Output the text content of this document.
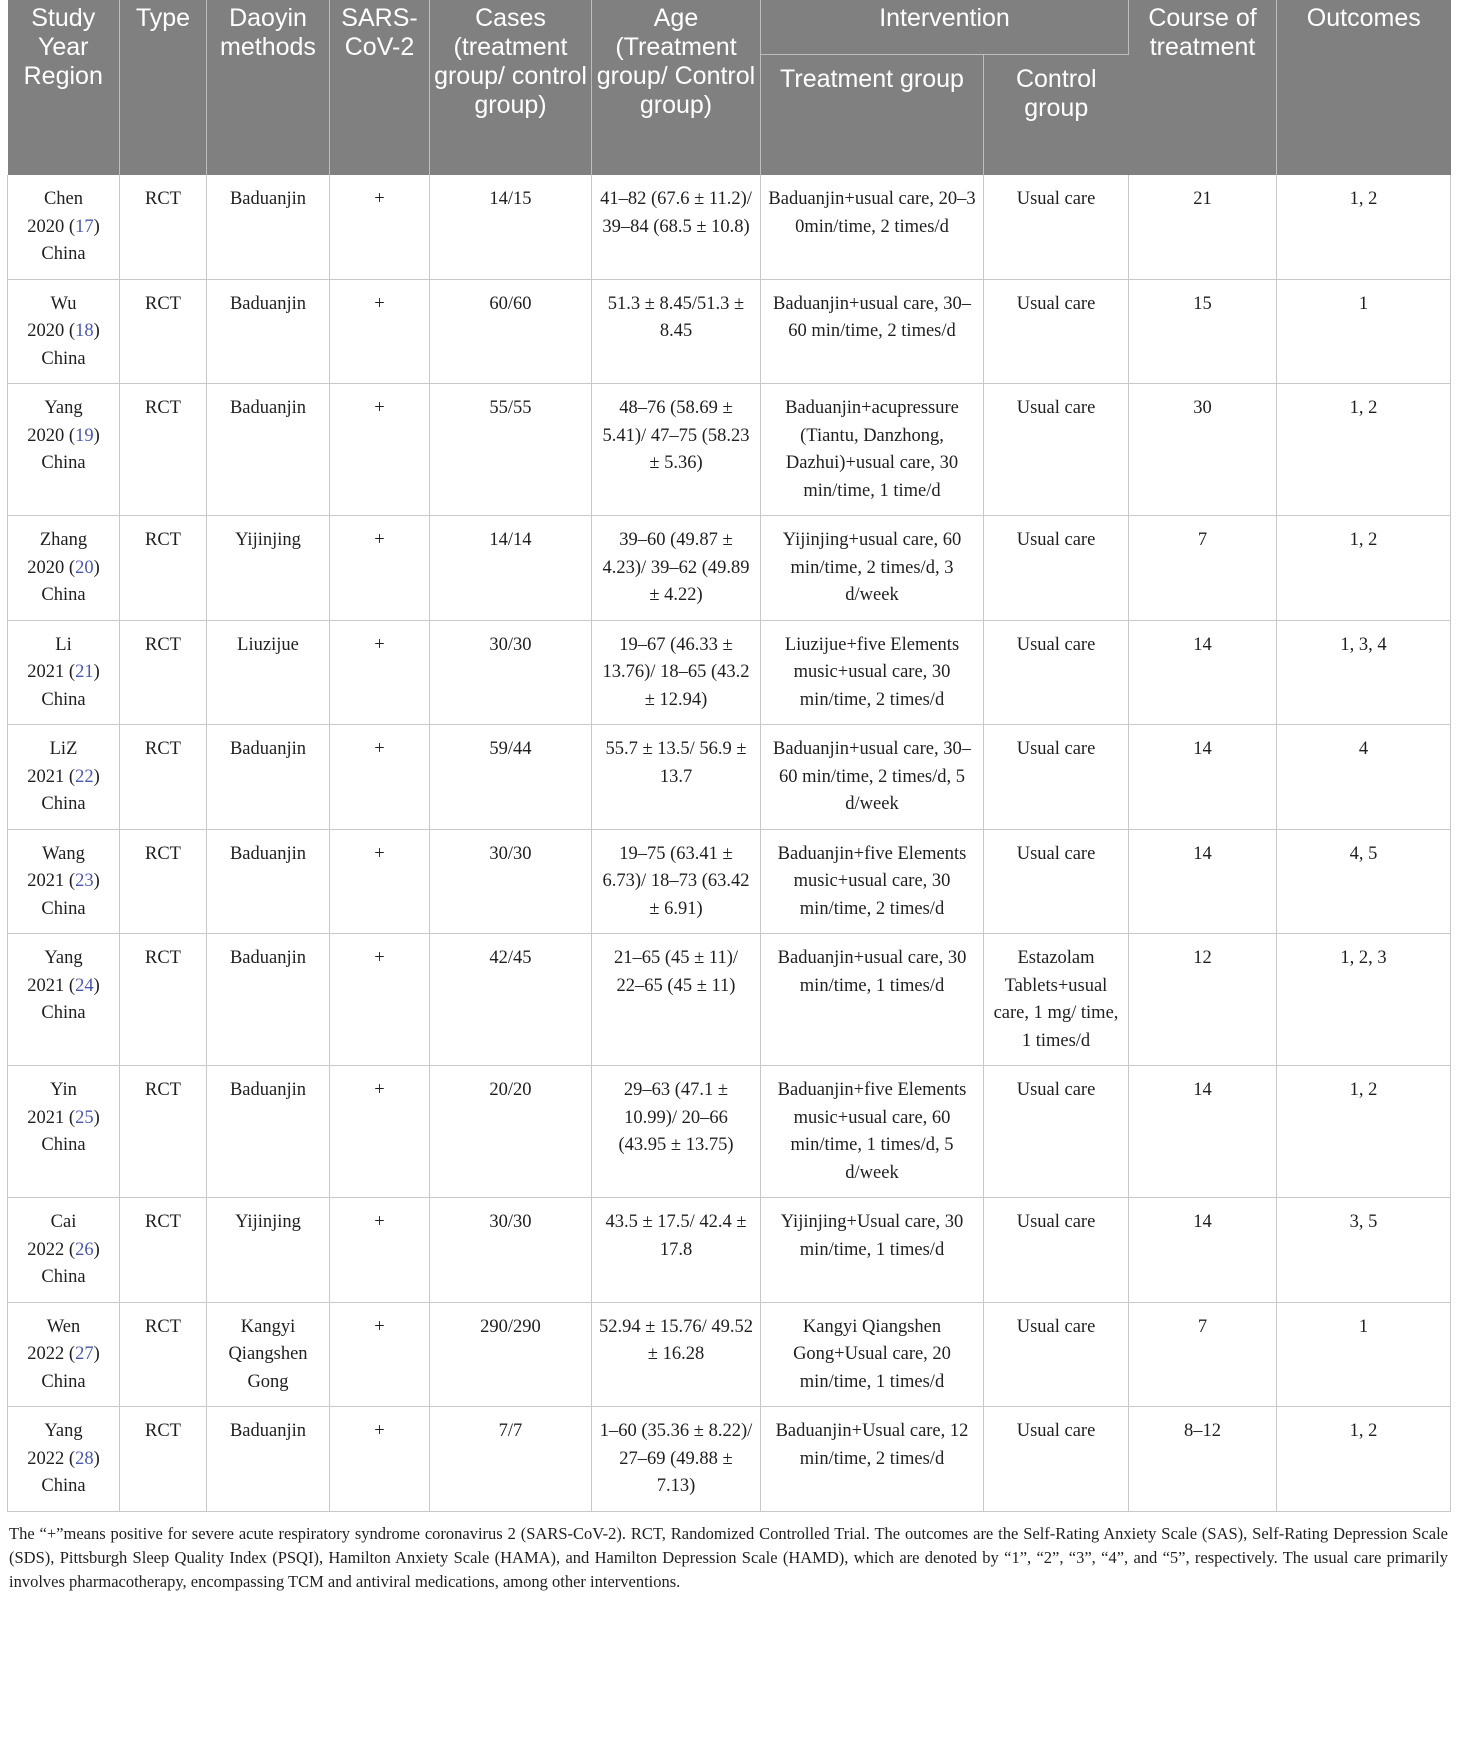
Study Year Region	Type	Daoyin methods	SARS-CoV-2	Cases (treatment group/ control group)	Age (Treatment group/ Control group)	Intervention		Course of treatment	Outcomes
						Treatment group	Control group		

Chen
2020 (17)
China	RCT	Baduanjin	+	14/15	41–82 (67.6 ± 11.2)/ 39–84 (68.5 ± 10.8)	Baduanjin+usual care, 20–3 0min/time, 2 times/d	Usual care	21	1, 2

Wu
2020 (18)
China	RCT	Baduanjin	+	60/60	51.3 ± 8.45/51.3 ± 8.45	Baduanjin+usual care, 30–60 min/time, 2 times/d	Usual care	15	1

Yang
2020 (19)
China	RCT	Baduanjin	+	55/55	48–76 (58.69 ± 5.41)/ 47–75 (58.23 ± 5.36)	Baduanjin+acupressure (Tiantu, Danzhong, Dazhui)+usual care, 30 min/time, 1 time/d	Usual care	30	1, 2

Zhang
2020 (20)
China	RCT	Yijinjing	+	14/14	39–60 (49.87 ± 4.23)/ 39–62 (49.89 ± 4.22)	Yijinjing+usual care, 60 min/time, 2 times/d, 3 d/week	Usual care	7	1, 2

Li
2021 (21)
China	RCT	Liuzijue	+	30/30	19–67 (46.33 ± 13.76)/ 18–65 (43.2 ± 12.94)	Liuzijue+five Elements music+usual care, 30 min/time, 2 times/d	Usual care	14	1, 3, 4

LiZ
2021 (22)
China	RCT	Baduanjin	+	59/44	55.7 ± 13.5/ 56.9 ± 13.7	Baduanjin+usual care, 30–60 min/time, 2 times/d, 5 d/week	Usual care	14	4

Wang
2021 (23)
China	RCT	Baduanjin	+	30/30	19–75 (63.41 ± 6.73)/ 18–73 (63.42 ± 6.91)	Baduanjin+five Elements music+usual care, 30 min/time, 2 times/d	Usual care	14	4, 5

Yang
2021 (24)
China	RCT	Baduanjin	+	42/45	21–65 (45 ± 11)/ 22–65 (45 ± 11)	Baduanjin+usual care, 30 min/time, 1 times/d	Estazolam Tablets+usual care, 1 mg/ time, 1 times/d	12	1, 2, 3

Yin
2021 (25)
China	RCT	Baduanjin	+	20/20	29–63 (47.1 ± 10.99)/ 20–66 (43.95 ± 13.75)	Baduanjin+five Elements music+usual care, 60 min/time, 1 times/d, 5 d/week	Usual care	14	1, 2

Cai
2022 (26)
China	RCT	Yijinjing	+	30/30	43.5 ± 17.5/ 42.4 ± 17.8	Yijinjing+Usual care, 30 min/time, 1 times/d	Usual care	14	3, 5

Wen
2022 (27)
China	RCT	Kangyi Qiangshen Gong	+	290/290	52.94 ± 15.76/ 49.52 ± 16.28	Kangyi Qiangshen Gong+Usual care, 20 min/time, 1 times/d	Usual care	7	1

Yang
2022 (28)
China	RCT	Baduanjin	+	7/7	1–60 (35.36 ± 8.22)/ 27–69 (49.88 ± 7.13)	Baduanjin+Usual care, 12 min/time, 2 times/d	Usual care	8–12	1, 2
The “+”means positive for severe acute respiratory syndrome coronavirus 2 (SARS-CoV-2). RCT, Randomized Controlled Trial. The outcomes are the Self-Rating Anxiety Scale (SAS), Self-Rating Depression Scale (SDS), Pittsburgh Sleep Quality Index (PSQI), Hamilton Anxiety Scale (HAMA), and Hamilton Depression Scale (HAMD), which are denoted by “1”, “2”, “3”, “4”, and “5”, respectively. The usual care primarily involves pharmacotherapy, encompassing TCM and antiviral medications, among other interventions.
